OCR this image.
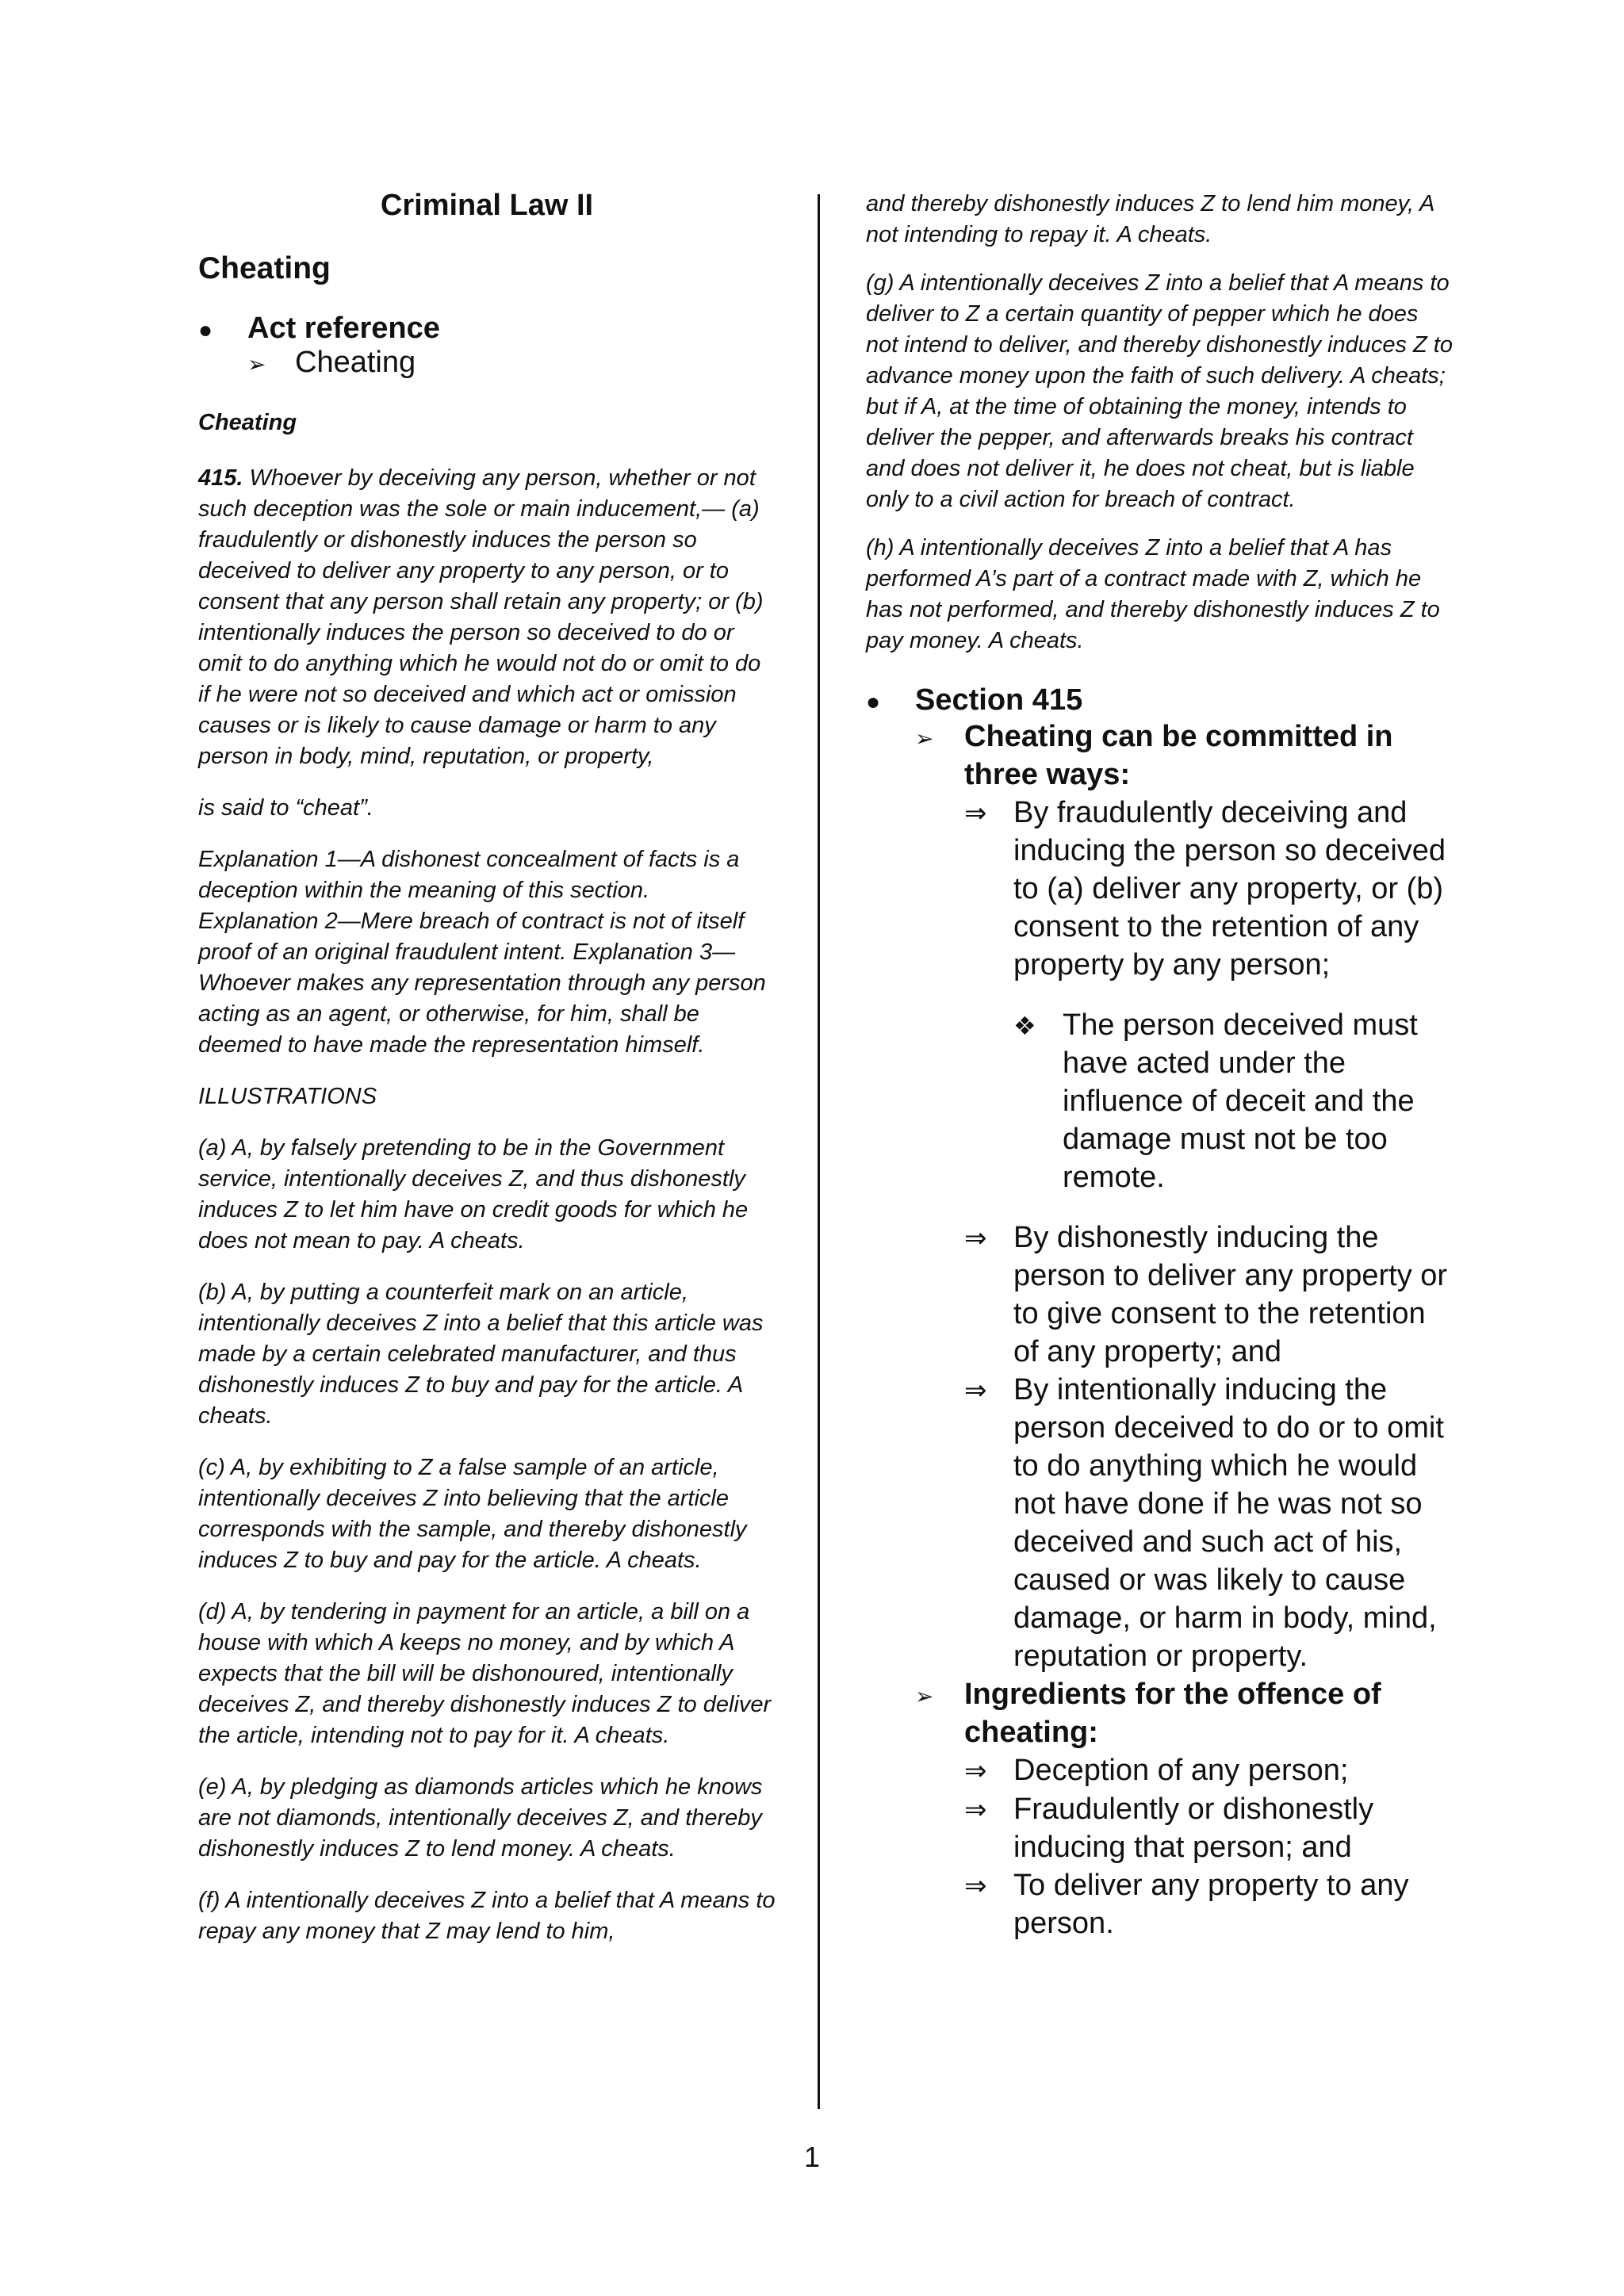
Criminal Law II
Cheating
●	Act reference
➢ Cheating
Cheating

415. Whoever by deceiving any person, whether or not such deception was the sole or main inducement,— (a) fraudulently or dishonestly induces the person so deceived to deliver any property to any person, or to consent that any person shall retain any property; or (b) intentionally induces the person so deceived to do or omit to do anything which he would not do or omit to do if he were not so deceived and which act or omission causes or is likely to cause damage or harm to any person in body, mind, reputation, or property,

is said to “cheat”.

Explanation 1—A dishonest concealment of facts is a deception within the meaning of this section. Explanation 2—Mere breach of contract is not of itself proof of an original fraudulent intent. Explanation 3—Whoever makes any representation through any person acting as an agent, or otherwise, for him, shall be deemed to have made the representation himself.

ILLUSTRATIONS

(a) A, by falsely pretending to be in the Government service, intentionally deceives Z, and thus dishonestly induces Z to let him have on credit goods for which he does not mean to pay. A cheats.

(b) A, by putting a counterfeit mark on an article, intentionally deceives Z into a belief that this article was made by a certain celebrated manufacturer, and thus dishonestly induces Z to buy and pay for the article. A cheats.

(c) A, by exhibiting to Z a false sample of an article, intentionally deceives Z into believing that the article corresponds with the sample, and thereby dishonestly induces Z to buy and pay for the article. A cheats.

(d) A, by tendering in payment for an article, a bill on a house with which A keeps no money, and by which A expects that the bill will be dishonoured, intentionally deceives Z, and thereby dishonestly induces Z to deliver the article, intending not to pay for it. A cheats.

(e) A, by pledging as diamonds articles which he knows are not diamonds, intentionally deceives Z, and thereby dishonestly induces Z to lend money. A cheats.

(f) A intentionally deceives Z into a belief that A means to repay any money that Z may lend to him,

and thereby dishonestly induces Z to lend him money, A not intending to repay it. A cheats.

(g) A intentionally deceives Z into a belief that A means to deliver to Z a certain quantity of pepper which he does not intend to deliver, and thereby dishonestly induces Z to advance money upon the faith of such delivery. A cheats; but if A, at the time of obtaining the money, intends to deliver the pepper, and afterwards breaks his contract and does not deliver it, he does not cheat, but is liable only to a civil action for breach of contract.

(h) A intentionally deceives Z into a belief that A has performed A’s part of a contract made with Z, which he has not performed, and thereby dishonestly induces Z to pay money. A cheats.

●	Section 415
➢	Cheating can be committed in three ways:
⇒ By fraudulently deceiving and inducing the person so deceived to (a) deliver any property, or (b) consent to the retention of any property by any person;
❖ The person deceived must have acted under the influence of deceit and the damage must not be too remote.
⇒ By dishonestly inducing the person to deliver any property or to give consent to the retention of any property; and
⇒ By intentionally inducing the person deceived to do or to omit to do anything which he would not have done if he was not so deceived and such act of his, caused or was likely to cause damage, or harm in body, mind, reputation or property.
➢	Ingredients for the offence of cheating:
⇒ Deception of any person;
⇒ Fraudulently or dishonestly inducing that person; and
⇒ To deliver any property to any person.
1
